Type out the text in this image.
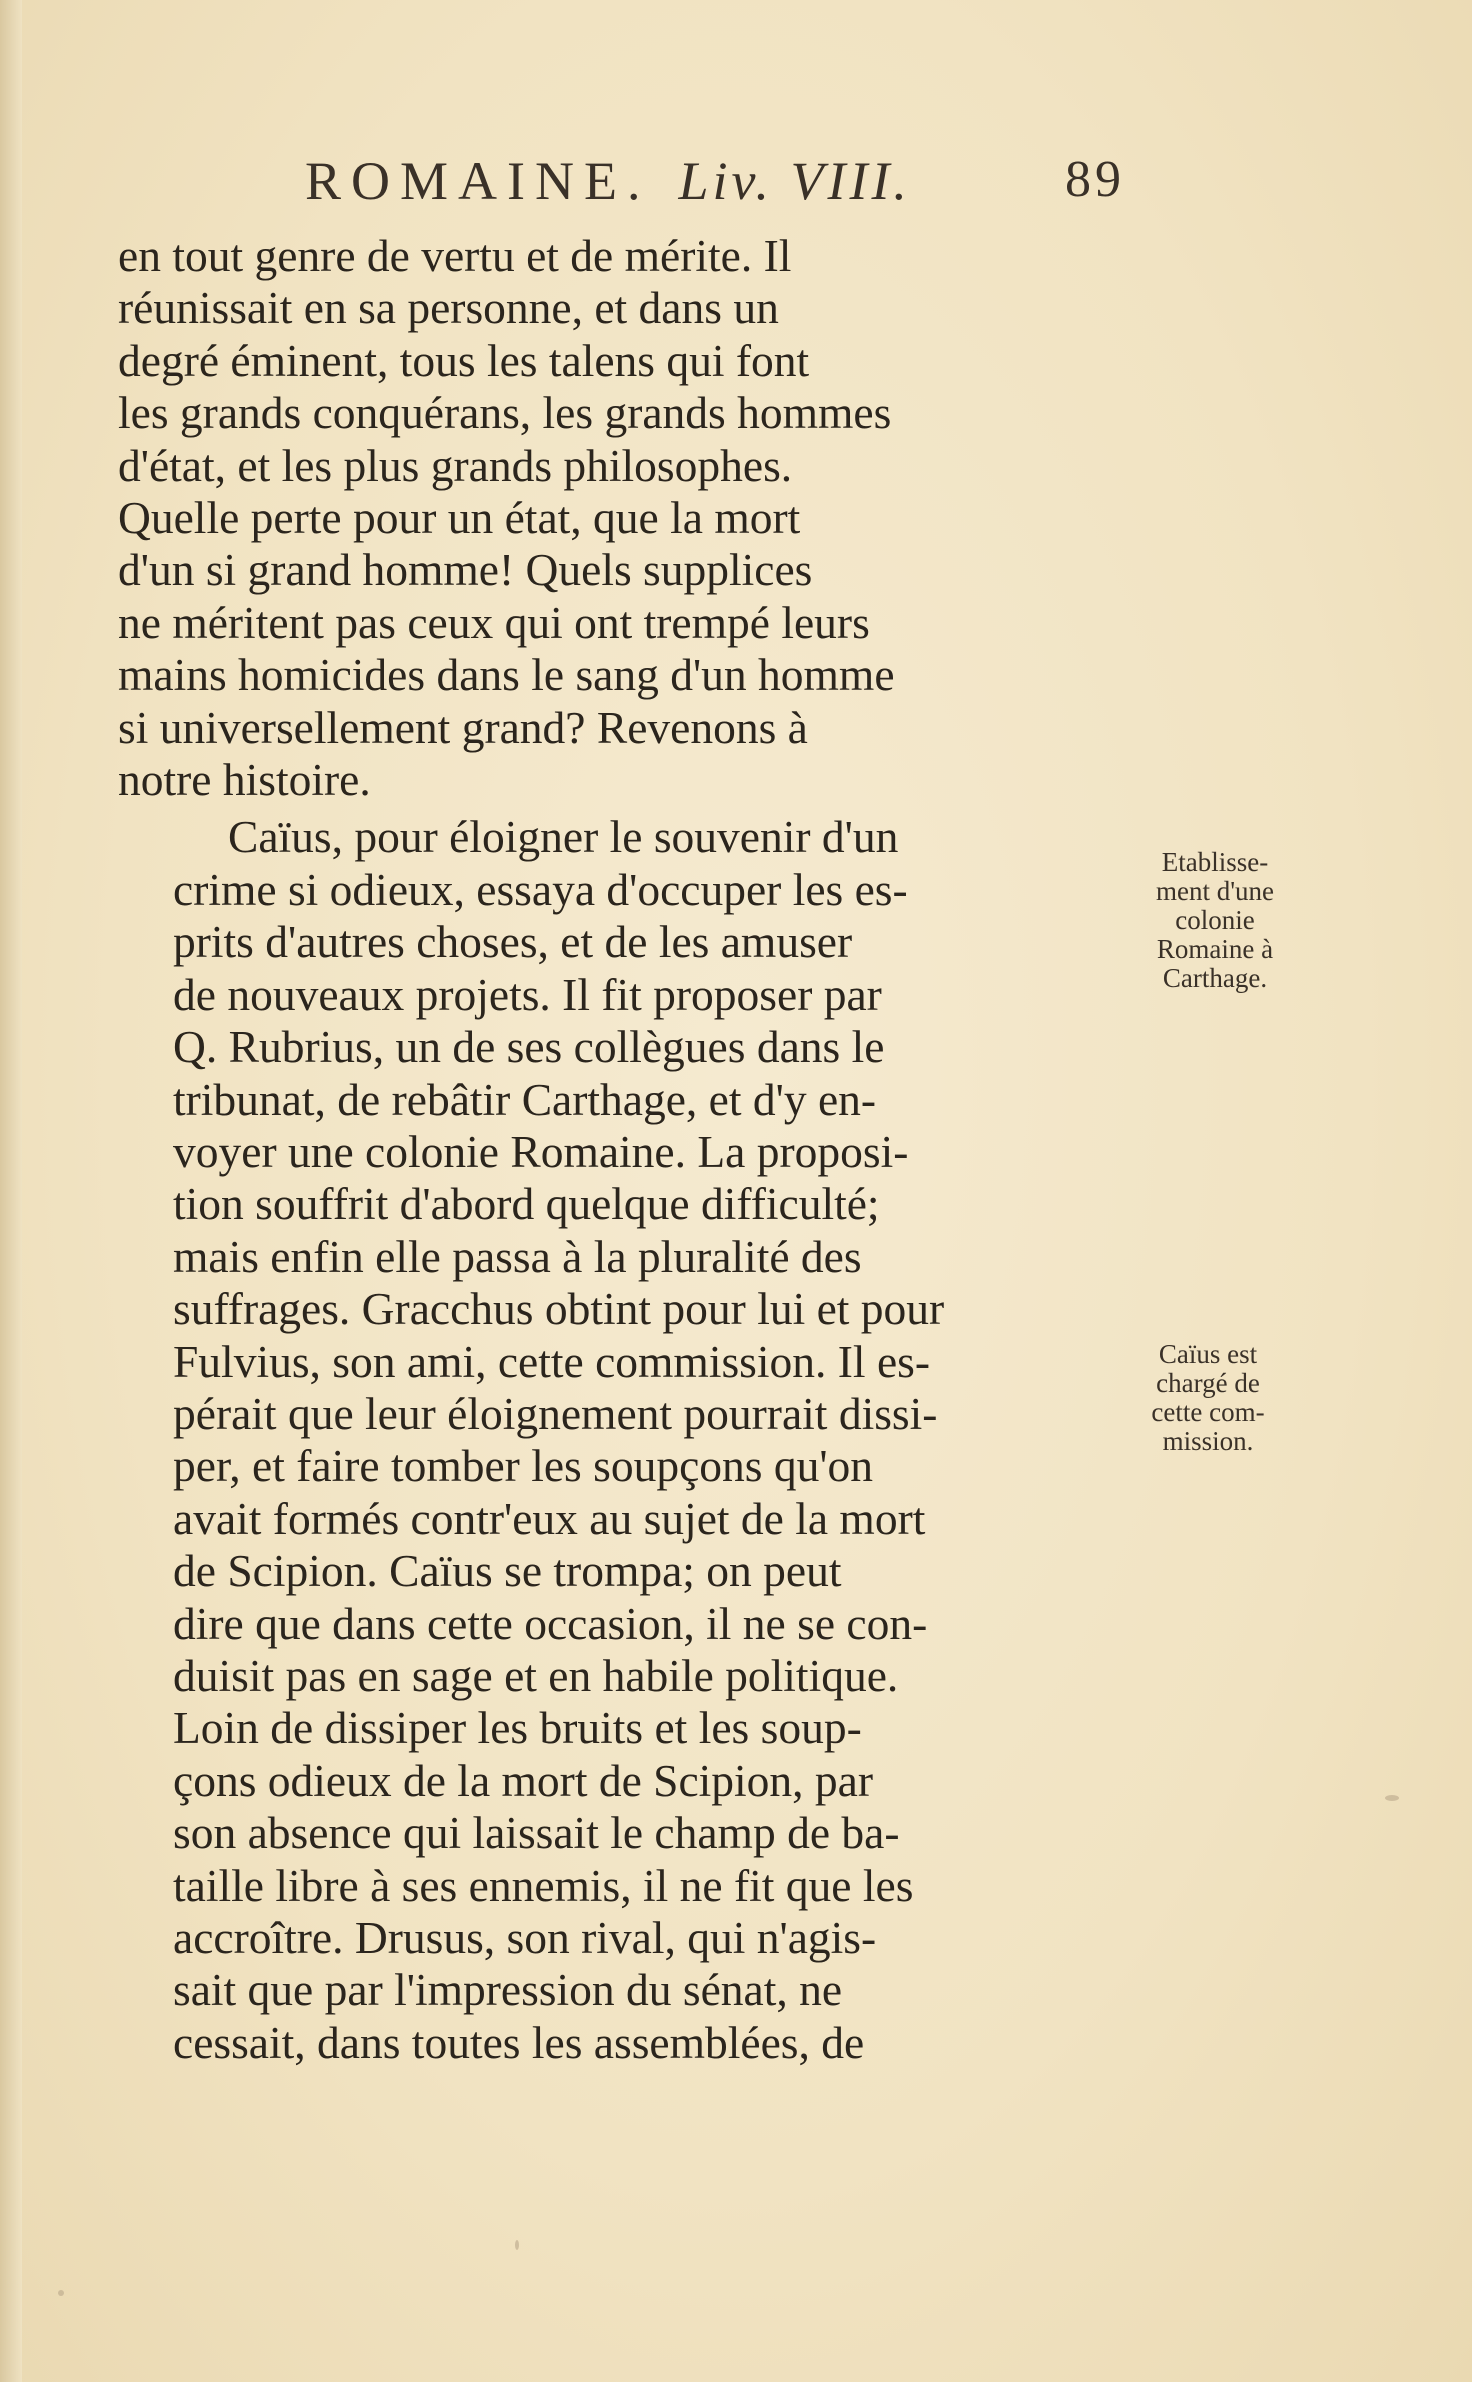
ROMAINE. Liv. VIII.	89

en tout genre de vertu et de mérite. Il
réunissait en sa personne, et dans un
degré éminent, tous les talens qui font
les grands conquérans, les grands hommes
d'état, et les plus grands philosophes.
Quelle perte pour un état, que la mort
d'un si grand homme! Quels supplices
ne méritent pas ceux qui ont trempé leurs
mains homicides dans le sang d'un homme
si universellement grand? Revenons à
notre histoire.

Caïus, pour éloigner le souvenir d'un
crime si odieux, essaya d'occuper les es-
prits d'autres choses, et de les amuser
de nouveaux projets. Il fit proposer par
Q. Rubrius, un de ses collègues dans le
tribunat, de rebâtir Carthage, et d'y en-
voyer une colonie Romaine. La proposi-
tion souffrit d'abord quelque difficulté;
mais enfin elle passa à la pluralité des
suffrages. Gracchus obtint pour lui et pour
Fulvius, son ami, cette commission. Il es-
pérait que leur éloignement pourrait dissi-
per, et faire tomber les soupçons qu'on
avait formés contr'eux au sujet de la mort
de Scipion. Caïus se trompa; on peut
dire que dans cette occasion, il ne se con-
duisit pas en sage et en habile politique.
Loin de dissiper les bruits et les soup-
çons odieux de la mort de Scipion, par
son absence qui laissait le champ de ba-
taille libre à ses ennemis, il ne fit que les
accroître. Drusus, son rival, qui n'agis-
sait que par l'impression du sénat, ne
cessait, dans toutes les assemblées, de

Etablisse-
ment d'une
colonie
Romaine à
Carthage.
Caïus est
chargé de
cette com-
mission.
